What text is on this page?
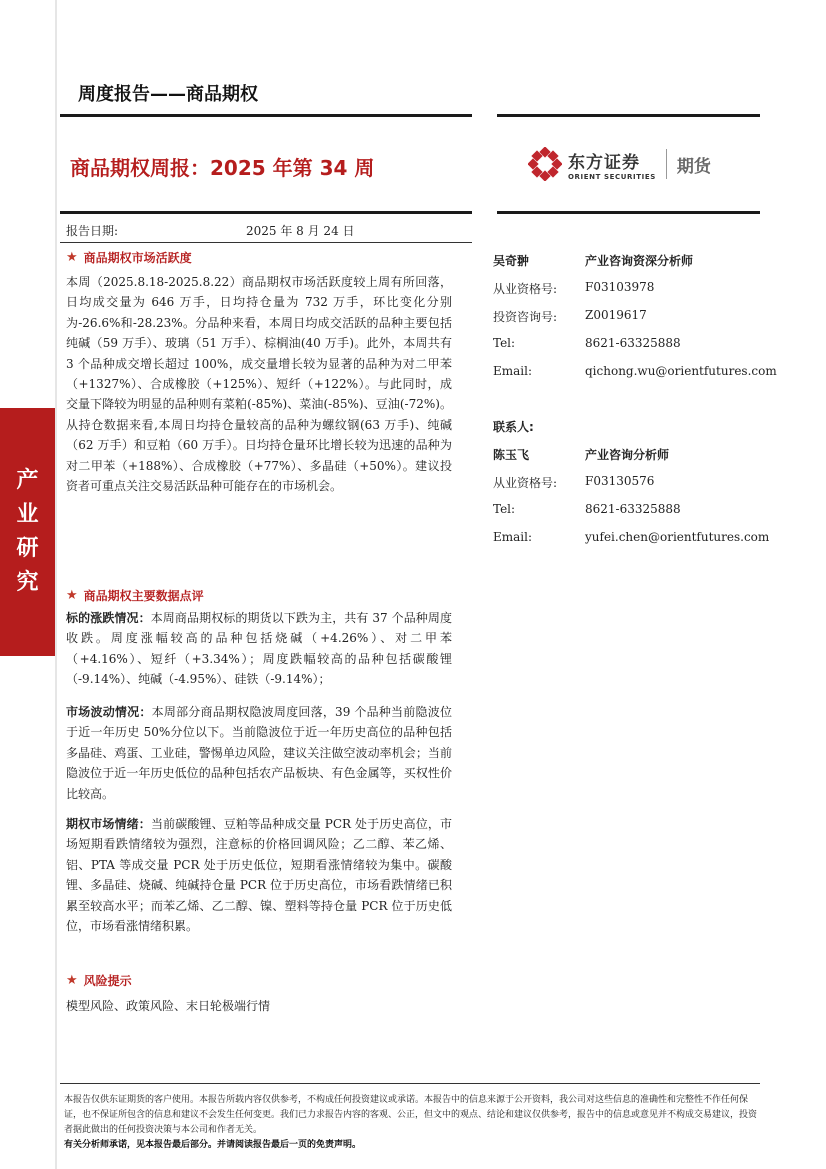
产
业
研
究
周度报告——商品期权
商品期权周报：2025 年第 34 周	东方证券
ORIENT SECURITIES 期货
报告日期:	2025 年 8 月 24 日
★ 商品期权市场活跃度
本周（2025.8.18-2025.8.22）商品期权市场活跃度较上周有所回落，日均成交量为 646 万手，日均持仓量为 732 万手，环比变化分别为-26.6%和-28.23%。分品种来看，本周日均成交活跃的品种主要包括纯碱（59 万手）、玻璃（51 万手）、棕榈油(40 万手)。此外，本周共有 3 个品种成交增长超过 100%，成交量增长较为显著的品种为对二甲苯（+1327%）、合成橡胶（+125%）、短纤（+122%）。与此同时，成交量下降较为明显的品种则有菜粕(-85%)、菜油(-85%)、豆油(-72%)。从持仓数据来看,本周日均持仓量较高的品种为螺纹钢(63 万手)、纯碱（62 万手）和豆粕（60 万手）。日均持仓量环比增长较为迅速的品种为对二甲苯（+188%）、合成橡胶（+77%）、多晶硅（+50%）。建议投资者可重点关注交易活跃品种可能存在的市场机会。
★ 商品期权主要数据点评
标的涨跌情况：本周商品期权标的期货以下跌为主，共有 37 个品种周度收跌。周度涨幅较高的品种包括烧碱（+4.26%）、对二甲苯（+4.16%）、短纤（+3.34%）；周度跌幅较高的品种包括碳酸锂（-9.14%）、纯碱（-4.95%）、硅铁（-9.14%）；
市场波动情况：本周部分商品期权隐波周度回落，39 个品种当前隐波位于近一年历史 50%分位以下。当前隐波位于近一年历史高位的品种包括多晶硅、鸡蛋、工业硅，警惕单边风险，建议关注做空波动率机会；当前隐波位于近一年历史低位的品种包括农产品板块、有色金属等，买权性价比较高。
期权市场情绪：当前碳酸锂、豆粕等品种成交量 PCR 处于历史高位，市场短期看跌情绪较为强烈，注意标的价格回调风险；乙二醇、苯乙烯、铝、PTA 等成交量 PCR 处于历史低位，短期看涨情绪较为集中。碳酸锂、多晶硅、烧碱、纯碱持仓量 PCR 位于历史高位，市场看跌情绪已积累至较高水平；而苯乙烯、乙二醇、镍、塑料等持仓量 PCR 位于历史低位，市场看涨情绪积累。
★ 风险提示
模型风险、政策风险、末日轮极端行情
吴奇翀	产业咨询资深分析师
从业资格号: F03103978
投资咨询号: Z0019617
Tel:	8621-63325888
Email:	qichong.wu@orientfutures.com
联系人:
陈玉飞	产业咨询分析师
从业资格号: F03130576
Tel:	8621-63325888
Email:	yufei.chen@orientfutures.com
本报告仅供东证期货的客户使用。本报告所载内容仅供参考，不构成任何投资建议或承诺。本报告中的信息来源于公开资料，我公司对这些信息的准确性和完整性不作任何保证，也不保证所包含的信息和建议不会发生任何变更。我们已力求报告内容的客观、公正，但文中的观点、结论和建议仅供参考，报告中的信息或意见并不构成交易建议，投资者据此做出的任何投资决策与本公司和作者无关。
有关分析师承诺，见本报告最后部分。并请阅读报告最后一页的免责声明。
